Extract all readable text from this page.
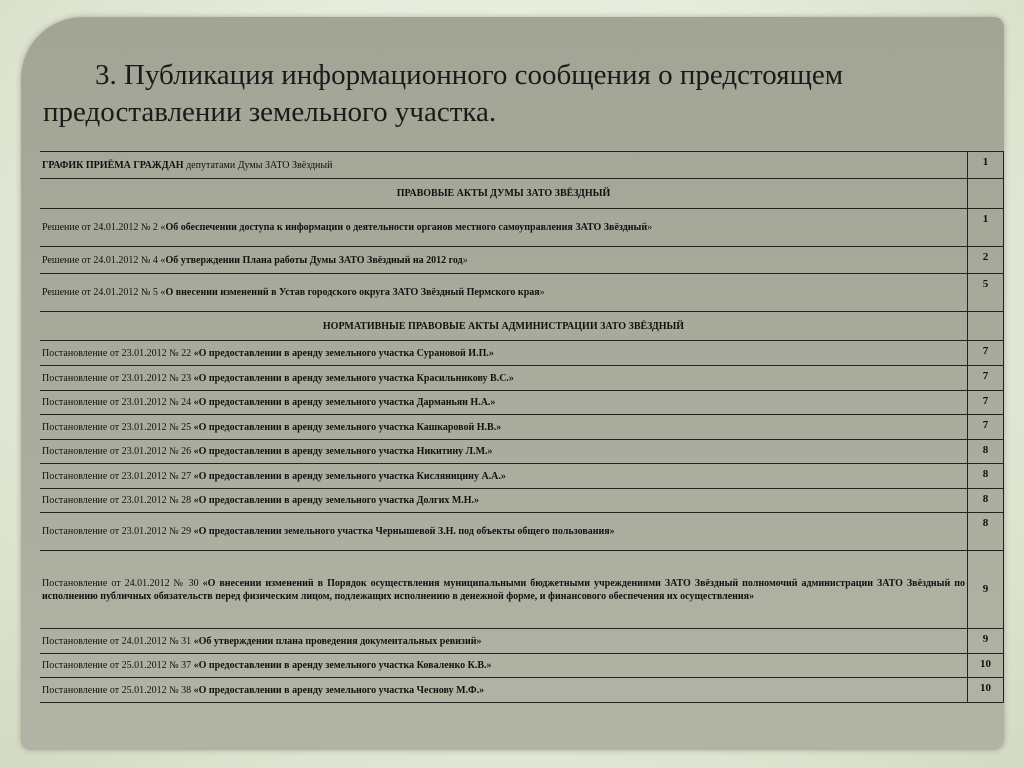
3. Публикация информационного сообщения о предстоящем предоставлении земельного участка.
ГРАФИК ПРИЁМА ГРАЖДАН депутатами Думы ЗАТО Звёздный	1
ПРАВОВЫЕ АКТЫ ДУМЫ ЗАТО ЗВЁЗДНЫЙ	
Решение от 24.01.2012 № 2 «Об обеспечении доступа к информации о деятельности органов местного самоуправления ЗАТО Звёздный»	1
Решение от 24.01.2012 № 4 «Об утверждении Плана работы Думы ЗАТО Звёздный на 2012 год»	2
Решение от 24.01.2012 № 5 «О внесении изменений в Устав городского округа ЗАТО Звёздный Пермского края»	5
НОРМАТИВНЫЕ ПРАВОВЫЕ АКТЫ АДМИНИСТРАЦИИ ЗАТО ЗВЁЗДНЫЙ	
Постановление от 23.01.2012 № 22 «О предоставлении в аренду земельного участка Сурановой И.П.»	7
Постановление от 23.01.2012 № 23 «О предоставлении в аренду земельного участка Красильникову В.С.»	7
Постановление от 23.01.2012 № 24 «О предоставлении в аренду земельного участка Дарманьян Н.А.»	7
Постановление от 23.01.2012 № 25 «О предоставлении в аренду земельного участка Кашкаровой Н.В.»	7
Постановление от 23.01.2012 № 26 «О предоставлении в аренду земельного участка Никитину Л.М.»	8
Постановление от 23.01.2012 № 27 «О предоставлении в аренду земельного участка Кисляницину А.А.»	8
Постановление от 23.01.2012 № 28 «О предоставлении в аренду земельного участка Долгих М.Н.»	8
Постановление от 23.01.2012 № 29 «О предоставлении земельного участка Чернышевой З.Н. под объекты общего пользования»	8
Постановление от 24.01.2012 № 30 «О внесении изменений в Порядок осуществления муниципальными бюджетными учреждениями ЗАТО Звёздный полномочий администрации ЗАТО Звёздный по исполнению публичных обязательств перед физическим лицом, подлежащих исполнению в денежной форме, и финансового обеспечения их осуществления»	9
Постановление от 24.01.2012 № 31 «Об утверждении плана проведения документальных ревизий»	9
Постановление от 25.01.2012 № 37 «О предоставлении в аренду земельного участка Коваленко К.В.»	10
Постановление от 25.01.2012 № 38 «О предоставлении в аренду земельного участка Чеснову М.Ф.»	10
